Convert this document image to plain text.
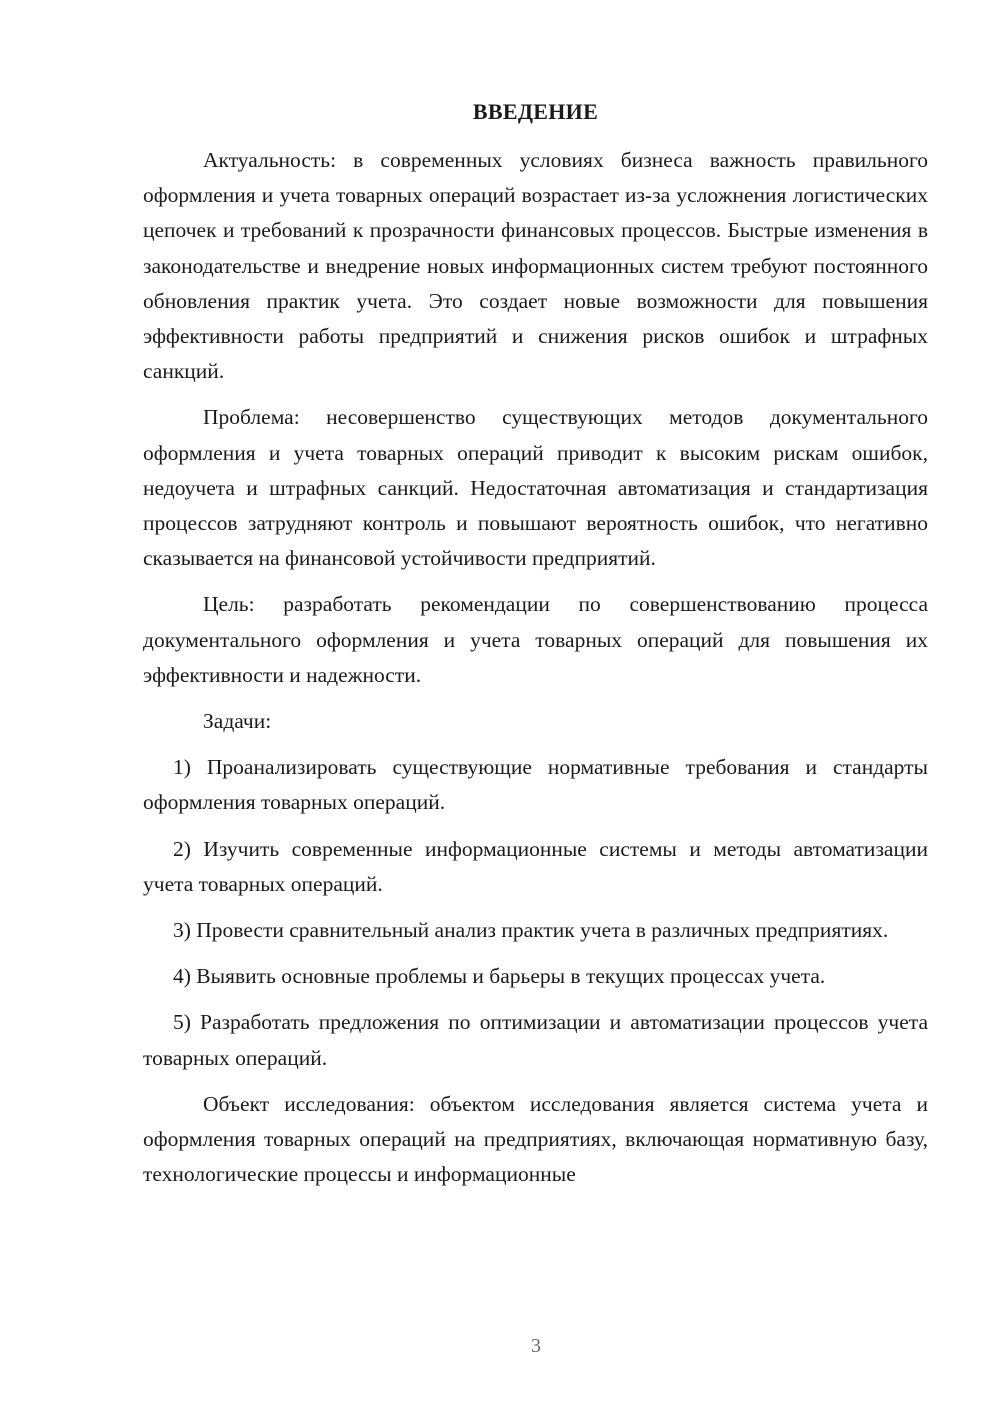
ВВЕДЕНИЕ

Актуальность: в современных условиях бизнеса важность правильного оформления и учета товарных операций возрастает из-за усложнения логистических цепочек и требований к прозрачности финансовых процессов. Быстрые изменения в законодательстве и внедрение новых информационных систем требуют постоянного обновления практик учета. Это создает новые возможности для повышения эффективности работы предприятий и снижения рисков ошибок и штрафных санкций.

Проблема: несовершенство существующих методов документального оформления и учета товарных операций приводит к высоким рискам ошибок, недоучета и штрафных санкций. Недостаточная автоматизация и стандартизация процессов затрудняют контроль и повышают вероятность ошибок, что негативно сказывается на финансовой устойчивости предприятий.

Цель: разработать рекомендации по совершенствованию процесса документального оформления и учета товарных операций для повышения их эффективности и надежности.

Задачи:

1) Проанализировать существующие нормативные требования и стандарты оформления товарных операций.

2) Изучить современные информационные системы и методы автоматизации учета товарных операций.

3) Провести сравнительный анализ практик учета в различных предприятиях.

4) Выявить основные проблемы и барьеры в текущих процессах учета.

5) Разработать предложения по оптимизации и автоматизации процессов учета товарных операций.

Объект исследования: объектом исследования является система учета и оформления товарных операций на предприятиях, включающая нормативную базу, технологические процессы и информационные

3
